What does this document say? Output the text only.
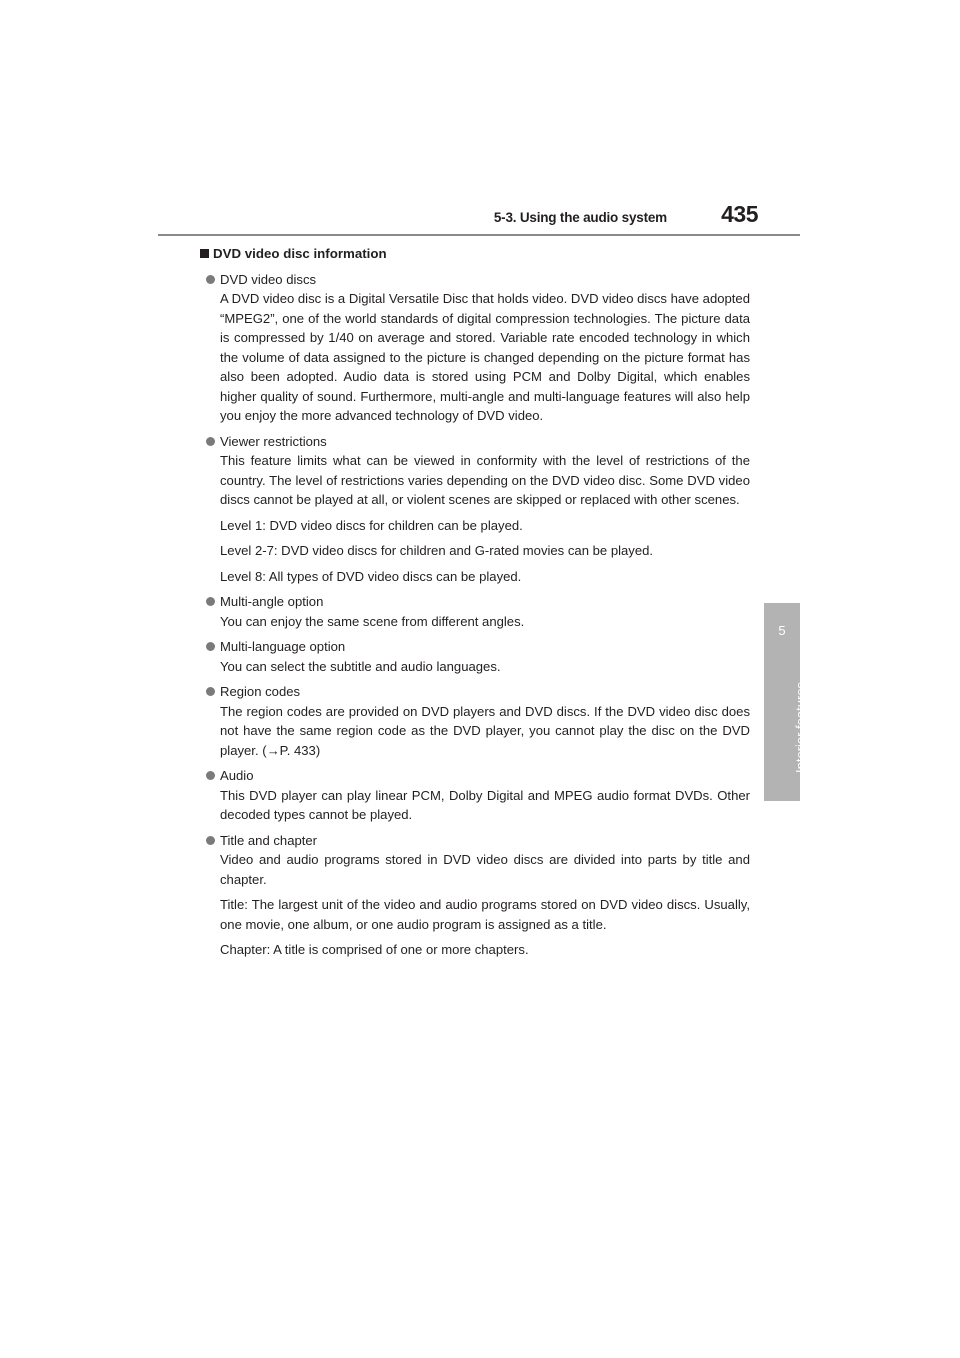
5-3. Using the audio system 435
5
Interior features
DVD video disc information
DVD video discs

A DVD video disc is a Digital Versatile Disc that holds video. DVD video discs have adopted “MPEG2”, one of the world standards of digital compression technologies. The picture data is compressed by 1/40 on average and stored. Variable rate encoded technology in which the volume of data assigned to the picture is changed depending on the picture format has also been adopted. Audio data is stored using PCM and Dolby Digital, which enables higher quality of sound. Furthermore, multi-angle and multi-language features will also help you enjoy the more advanced technology of DVD video.

Viewer restrictions

This feature limits what can be viewed in conformity with the level of restrictions of the country. The level of restrictions varies depending on the DVD video disc. Some DVD video discs cannot be played at all, or violent scenes are skipped or replaced with other scenes.

Level 1: DVD video discs for children can be played.

Level 2-7: DVD video discs for children and G-rated movies can be played.

Level 8: All types of DVD video discs can be played.

Multi-angle option

You can enjoy the same scene from different angles.

Multi-language option

You can select the subtitle and audio languages.

Region codes

The region codes are provided on DVD players and DVD discs. If the DVD video disc does not have the same region code as the DVD player, you cannot play the disc on the DVD player. (→P. 433)

Audio

This DVD player can play linear PCM, Dolby Digital and MPEG audio format DVDs. Other decoded types cannot be played.

Title and chapter

Video and audio programs stored in DVD video discs are divided into parts by title and chapter.

Title: The largest unit of the video and audio programs stored on DVD video discs. Usually, one movie, one album, or one audio program is assigned as a title.

Chapter: A title is comprised of one or more chapters.
